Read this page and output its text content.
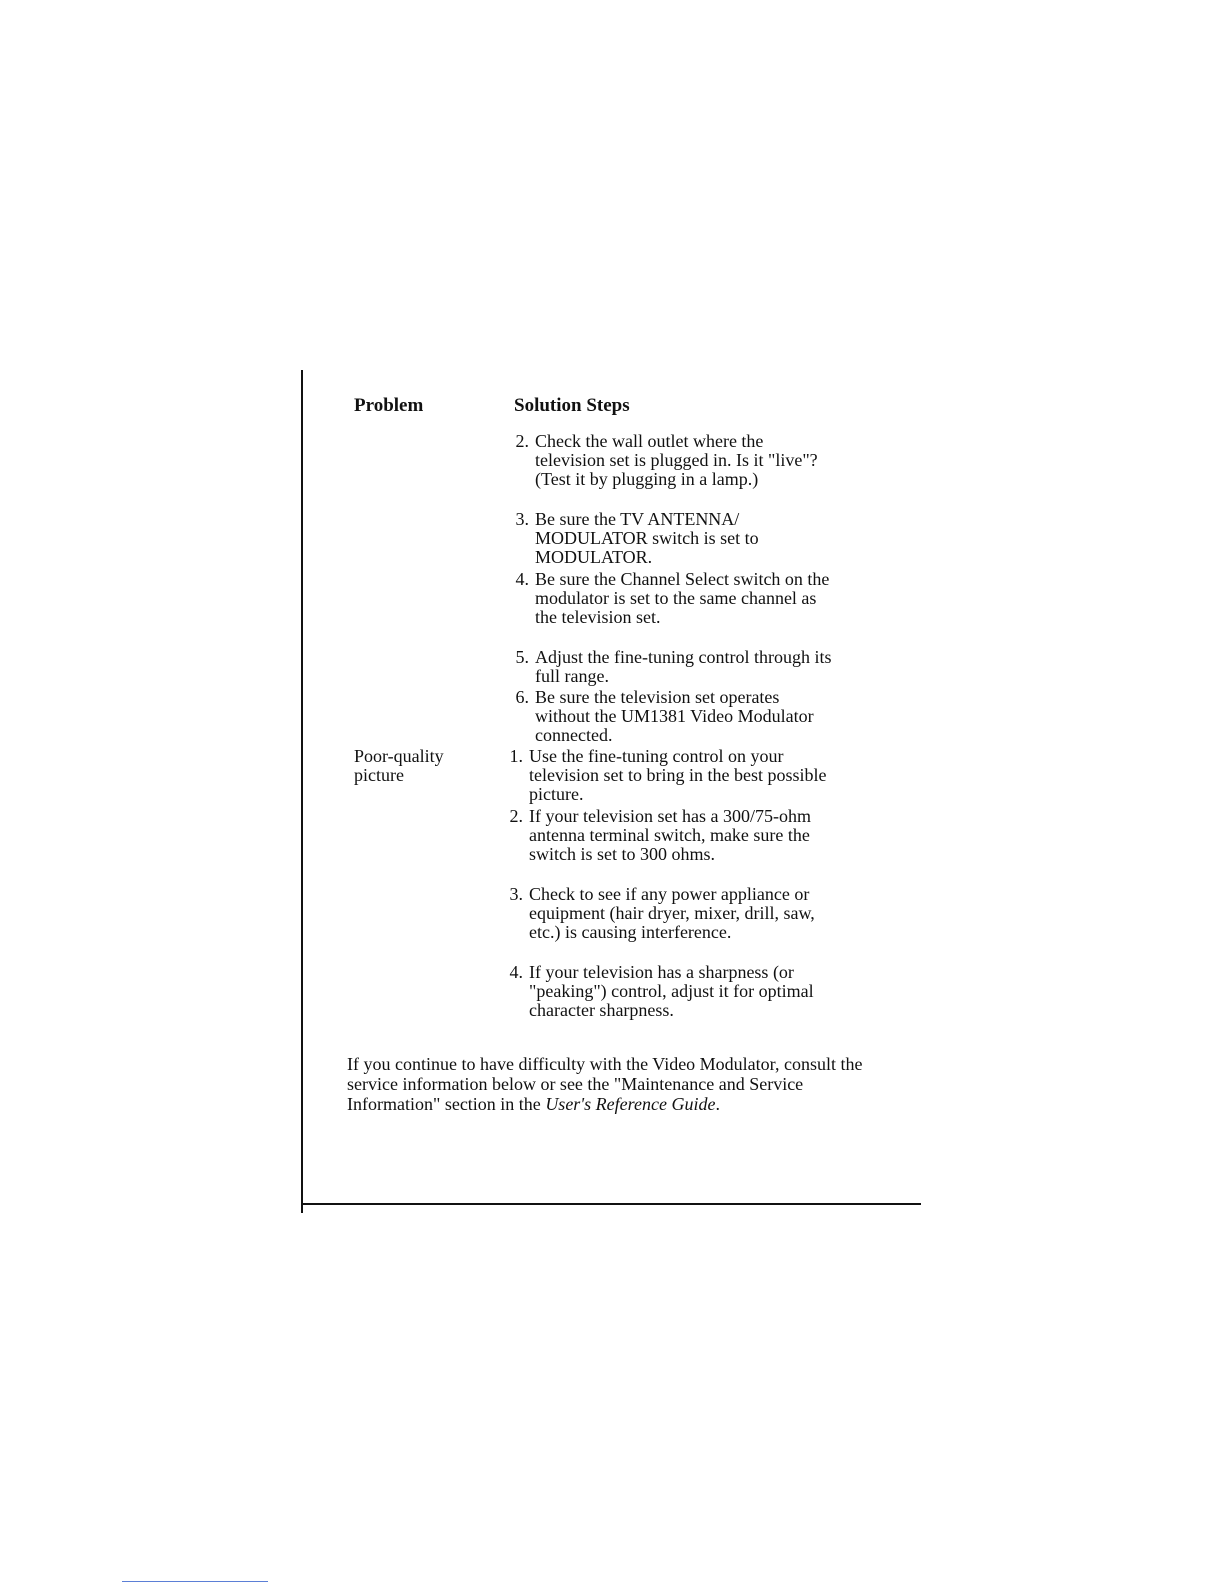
Problem	Solution Steps
2. Check the wall outlet where the television set is plugged in. Is it "live"? (Test it by plugging in a lamp.)
3. Be sure the TV ANTENNA/ MODULATOR switch is set to MODULATOR.
4. Be sure the Channel Select switch on the modulator is set to the same channel as the television set.
5. Adjust the fine-tuning control through its full range.
6. Be sure the television set operates without the UM1381 Video Modulator connected.
Poor-quality
picture
1. Use the fine-tuning control on your television set to bring in the best possible picture.
2. If your television set has a 300/75-ohm antenna terminal switch, make sure the switch is set to 300 ohms.
3. Check to see if any power appliance or equipment (hair dryer, mixer, drill, saw, etc.) is causing interference.
4. If your television has a sharpness (or "peaking") control, adjust it for optimal character sharpness.
If you continue to have difficulty with the Video Modulator, consult the service information below or see the "Maintenance and Service Information" section in the User's Reference Guide.
